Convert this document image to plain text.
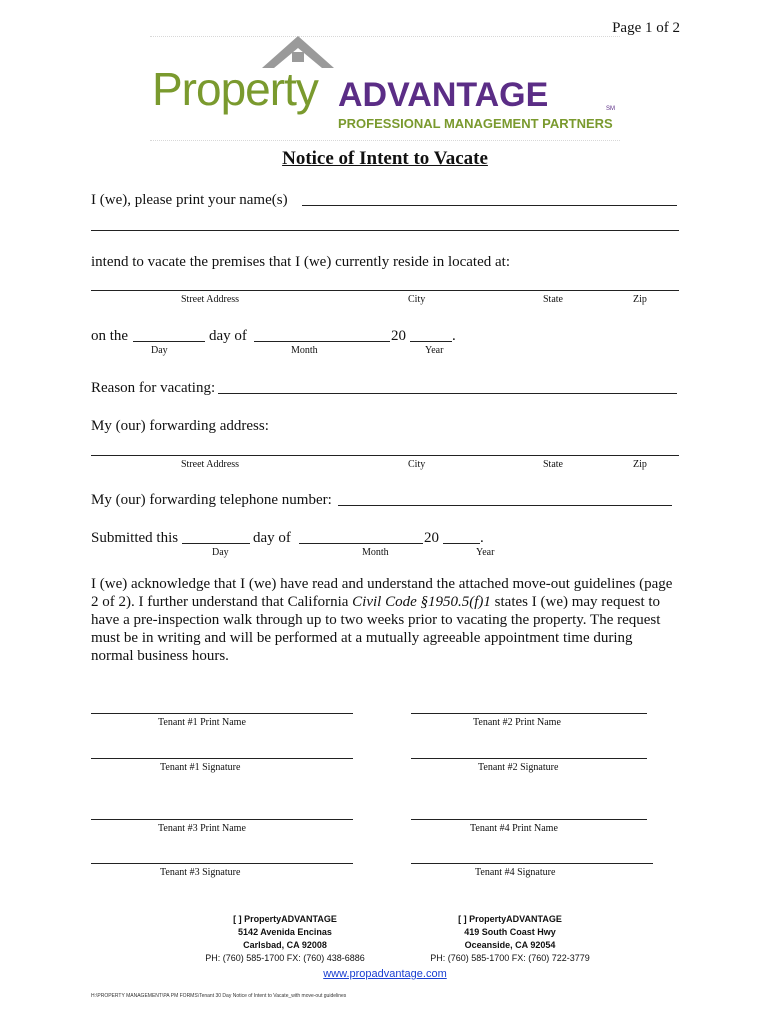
Page 1 of 2
Property ADVANTAGE	SM
PROFESSIONAL MANAGEMENT PARTNERS
Notice of Intent to Vacate
I (we), please print your name(s)
intend to vacate the premises that I (we) currently reside in located at:
Street Address	City	State	Zip
on the	day of	20	.
Day	Month	Year
Reason for vacating:
My (our) forwarding address:
Street Address	City	State	Zip
My (our) forwarding telephone number:
Submitted this	day of	20	.
Day	Month	Year
I (we) acknowledge that I (we) have read and understand the attached move-out guidelines (page 2 of 2). I further understand that California Civil Code §1950.5(f)1 states I (we) may request to have a pre-inspection walk through up to two weeks prior to vacating the property. The request must be in writing and will be performed at a mutually agreeable appointment time during normal business hours.
Tenant #1 Print Name	Tenant #2 Print Name
Tenant #1 Signature	Tenant #2 Signature
Tenant #3 Print Name	Tenant #4 Print Name
Tenant #3 Signature	Tenant #4 Signature
[ ] PropertyADVANTAGE
5142 Avenida Encinas
Carlsbad, CA 92008
PH: (760) 585-1700 FX: (760) 438-6886
[ ] PropertyADVANTAGE
419 South Coast Hwy
Oceanside, CA 92054
PH: (760) 585-1700 FX: (760) 722-3779
www.propadvantage.com
H:\PROPERTY MANAGEMENT\PA PM FORMS\Tenant 30 Day Notice of Intent to Vacate_with move-out guidelines
